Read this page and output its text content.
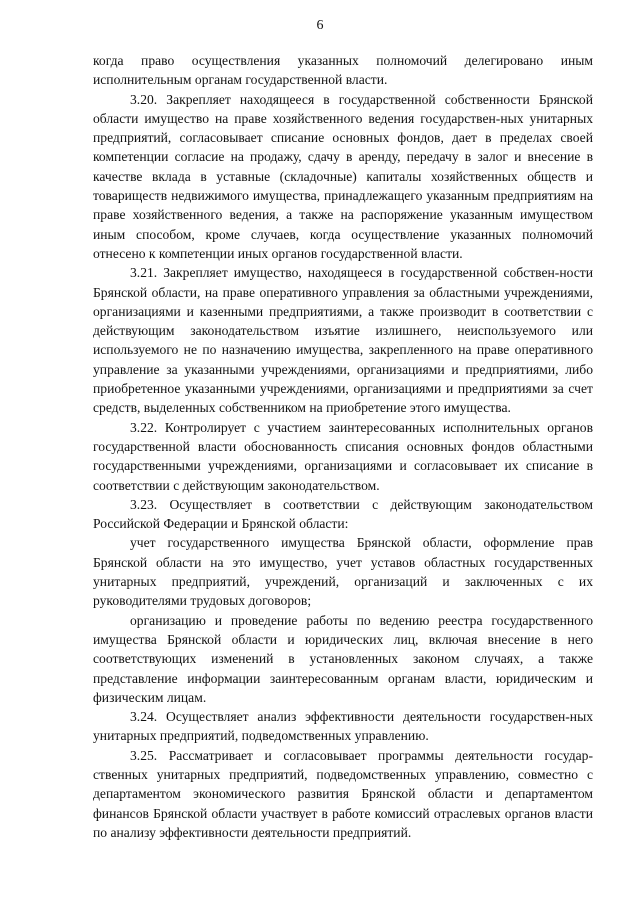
6

когда право осуществления указанных полномочий делегировано иным исполнительным органам государственной власти.

3.20. Закрепляет находящееся в государственной собственности Брянской области имущество на праве хозяйственного ведения государствен-ных унитарных предприятий, согласовывает списание основных фондов, дает в пределах своей компетенции согласие на продажу, сдачу в аренду, передачу в залог и внесение в качестве вклада в уставные (складочные) капиталы хозяйственных обществ и товариществ недвижимого имущества, принадлежащего указанным предприятиям на праве хозяйственного ведения, а также на распоряжение указанным имуществом иным способом, кроме случаев, когда осуществление указанных полномочий отнесено к компетенции иных органов государственной власти.

3.21. Закрепляет имущество, находящееся в государственной собствен-ности Брянской области, на праве оперативного управления за областными учреждениями, организациями и казенными предприятиями, а также производит в соответствии с действующим законодательством изъятие излишнего, неиспользуемого или используемого не по назначению имущества, закрепленного на праве оперативного управление за указанными учреждениями, организациями и предприятиями, либо приобретенное указанными учреждениями, организациями и предприятиями за счет средств, выделенных собственником на приобретение этого имущества.

3.22. Контролирует с участием заинтересованных исполнительных органов государственной власти обоснованность списания основных фондов областными государственными учреждениями, организациями и согласовывает их списание в соответствии с действующим законодательством.

3.23. Осуществляет в соответствии с действующим законодательством Российской Федерации и Брянской области:

учет государственного имущества Брянской области, оформление прав Брянской области на это имущество, учет уставов областных государственных унитарных предприятий, учреждений, организаций и заключенных с их руководителями трудовых договоров;

организацию и проведение работы по ведению реестра государственного имущества Брянской области и юридических лиц, включая внесение в него соответствующих изменений в установленных законом случаях, а также представление информации заинтересованным органам власти, юридическим и физическим лицам.

3.24. Осуществляет анализ эффективности деятельности государствен-ных унитарных предприятий, подведомственных управлению.

3.25. Рассматривает и согласовывает программы деятельности государ-ственных унитарных предприятий, подведомственных управлению, совместно с департаментом экономического развития Брянской области и департаментом финансов Брянской области участвует в работе комиссий отраслевых органов власти по анализу эффективности деятельности предприятий.
